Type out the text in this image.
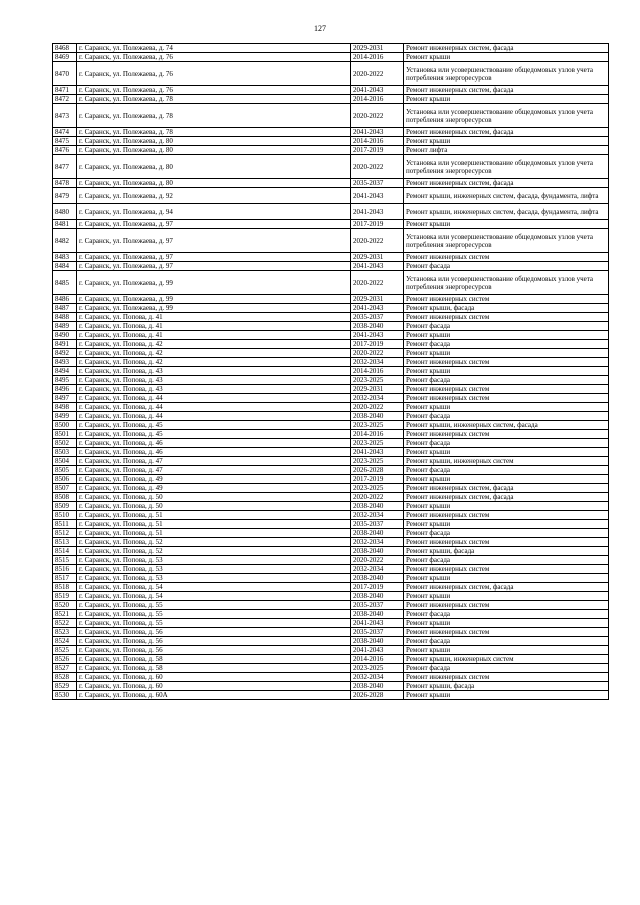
127
8468	г. Саранск, ул. Полежаева, д. 74	2029-2031	Ремонт инженерных систем, фасада
8469	г. Саранск, ул. Полежаева, д. 76	2014-2016	Ремонт крыши
8470	г. Саранск, ул. Полежаева, д. 76	2020-2022	Установка или усовершенствование общедомовых узлов учета потребления энергоресурсов
8471	г. Саранск, ул. Полежаева, д. 76	2041-2043	Ремонт инженерных систем, фасада
8472	г. Саранск, ул. Полежаева, д. 78	2014-2016	Ремонт крыши
8473	г. Саранск, ул. Полежаева, д. 78	2020-2022	Установка или усовершенствование общедомовых узлов учета потребления энергоресурсов
8474	г. Саранск, ул. Полежаева, д. 78	2041-2043	Ремонт инженерных систем, фасада
8475	г. Саранск, ул. Полежаева, д. 80	2014-2016	Ремонт крыши
8476	г. Саранск, ул. Полежаева, д. 80	2017-2019	Ремонт лифта
8477	г. Саранск, ул. Полежаева, д. 80	2020-2022	Установка или усовершенствование общедомовых узлов учета потребления энергоресурсов
8478	г. Саранск, ул. Полежаева, д. 80	2035-2037	Ремонт инженерных систем, фасада
8479	г. Саранск, ул. Полежаева, д. 92	2041-2043	Ремонт крыши, инженерных систем, фасада, фундамента, лифта
8480	г. Саранск, ул. Полежаева, д. 94	2041-2043	Ремонт крыши, инженерных систем, фасада, фундамента, лифта
8481	г. Саранск, ул. Полежаева, д. 97	2017-2019	Ремонт крыши
8482	г. Саранск, ул. Полежаева, д. 97	2020-2022	Установка или усовершенствование общедомовых узлов учета потребления энергоресурсов
8483	г. Саранск, ул. Полежаева, д. 97	2029-2031	Ремонт инженерных систем
8484	г. Саранск, ул. Полежаева, д. 97	2041-2043	Ремонт фасада
8485	г. Саранск, ул. Полежаева, д. 99	2020-2022	Установка или усовершенствование общедомовых узлов учета потребления энергоресурсов
8486	г. Саранск, ул. Полежаева, д. 99	2029-2031	Ремонт инженерных систем
8487	г. Саранск, ул. Полежаева, д. 99	2041-2043	Ремонт крыши, фасада
8488	г. Саранск, ул. Попова, д. 41	2035-2037	Ремонт инженерных систем
8489	г. Саранск, ул. Попова, д. 41	2038-2040	Ремонт фасада
8490	г. Саранск, ул. Попова, д. 41	2041-2043	Ремонт крыши
8491	г. Саранск, ул. Попова, д. 42	2017-2019	Ремонт фасада
8492	г. Саранск, ул. Попова, д. 42	2020-2022	Ремонт крыши
8493	г. Саранск, ул. Попова, д. 42	2032-2034	Ремонт инженерных систем
8494	г. Саранск, ул. Попова, д. 43	2014-2016	Ремонт крыши
8495	г. Саранск, ул. Попова, д. 43	2023-2025	Ремонт фасада
8496	г. Саранск, ул. Попова, д. 43	2029-2031	Ремонт инженерных систем
8497	г. Саранск, ул. Попова, д. 44	2032-2034	Ремонт инженерных систем
8498	г. Саранск, ул. Попова, д. 44	2020-2022	Ремонт крыши
8499	г. Саранск, ул. Попова, д. 44	2038-2040	Ремонт фасада
8500	г. Саранск, ул. Попова, д. 45	2023-2025	Ремонт крыши, инженерных систем, фасада
8501	г. Саранск, ул. Попова, д. 45	2014-2016	Ремонт инженерных систем
8502	г. Саранск, ул. Попова, д. 46	2023-2025	Ремонт фасада
8503	г. Саранск, ул. Попова, д. 46	2041-2043	Ремонт крыши
8504	г. Саранск, ул. Попова, д. 47	2023-2025	Ремонт крыши, инженерных систем
8505	г. Саранск, ул. Попова, д. 47	2026-2028	Ремонт фасада
8506	г. Саранск, ул. Попова, д. 49	2017-2019	Ремонт крыши
8507	г. Саранск, ул. Попова, д. 49	2023-2025	Ремонт инженерных систем, фасада
8508	г. Саранск, ул. Попова, д. 50	2020-2022	Ремонт инженерных систем, фасада
8509	г. Саранск, ул. Попова, д. 50	2038-2040	Ремонт крыши
8510	г. Саранск, ул. Попова, д. 51	2032-2034	Ремонт инженерных систем
8511	г. Саранск, ул. Попова, д. 51	2035-2037	Ремонт крыши
8512	г. Саранск, ул. Попова, д. 51	2038-2040	Ремонт фасада
8513	г. Саранск, ул. Попова, д. 52	2032-2034	Ремонт инженерных систем
8514	г. Саранск, ул. Попова, д. 52	2038-2040	Ремонт крыши, фасада
8515	г. Саранск, ул. Попова, д. 53	2020-2022	Ремонт фасада
8516	г. Саранск, ул. Попова, д. 53	2032-2034	Ремонт инженерных систем
8517	г. Саранск, ул. Попова, д. 53	2038-2040	Ремонт крыши
8518	г. Саранск, ул. Попова, д. 54	2017-2019	Ремонт инженерных систем, фасада
8519	г. Саранск, ул. Попова, д. 54	2038-2040	Ремонт крыши
8520	г. Саранск, ул. Попова, д. 55	2035-2037	Ремонт инженерных систем
8521	г. Саранск, ул. Попова, д. 55	2038-2040	Ремонт фасада
8522	г. Саранск, ул. Попова, д. 55	2041-2043	Ремонт крыши
8523	г. Саранск, ул. Попова, д. 56	2035-2037	Ремонт инженерных систем
8524	г. Саранск, ул. Попова, д. 56	2038-2040	Ремонт фасада
8525	г. Саранск, ул. Попова, д. 56	2041-2043	Ремонт крыши
8526	г. Саранск, ул. Попова, д. 58	2014-2016	Ремонт крыши, инженерных систем
8527	г. Саранск, ул. Попова, д. 58	2023-2025	Ремонт фасада
8528	г. Саранск, ул. Попова, д. 60	2032-2034	Ремонт инженерных систем
8529	г. Саранск, ул. Попова, д. 60	2038-2040	Ремонт крыши, фасада
8530	г. Саранск, ул. Попова, д. 60А	2026-2028	Ремонт крыши
